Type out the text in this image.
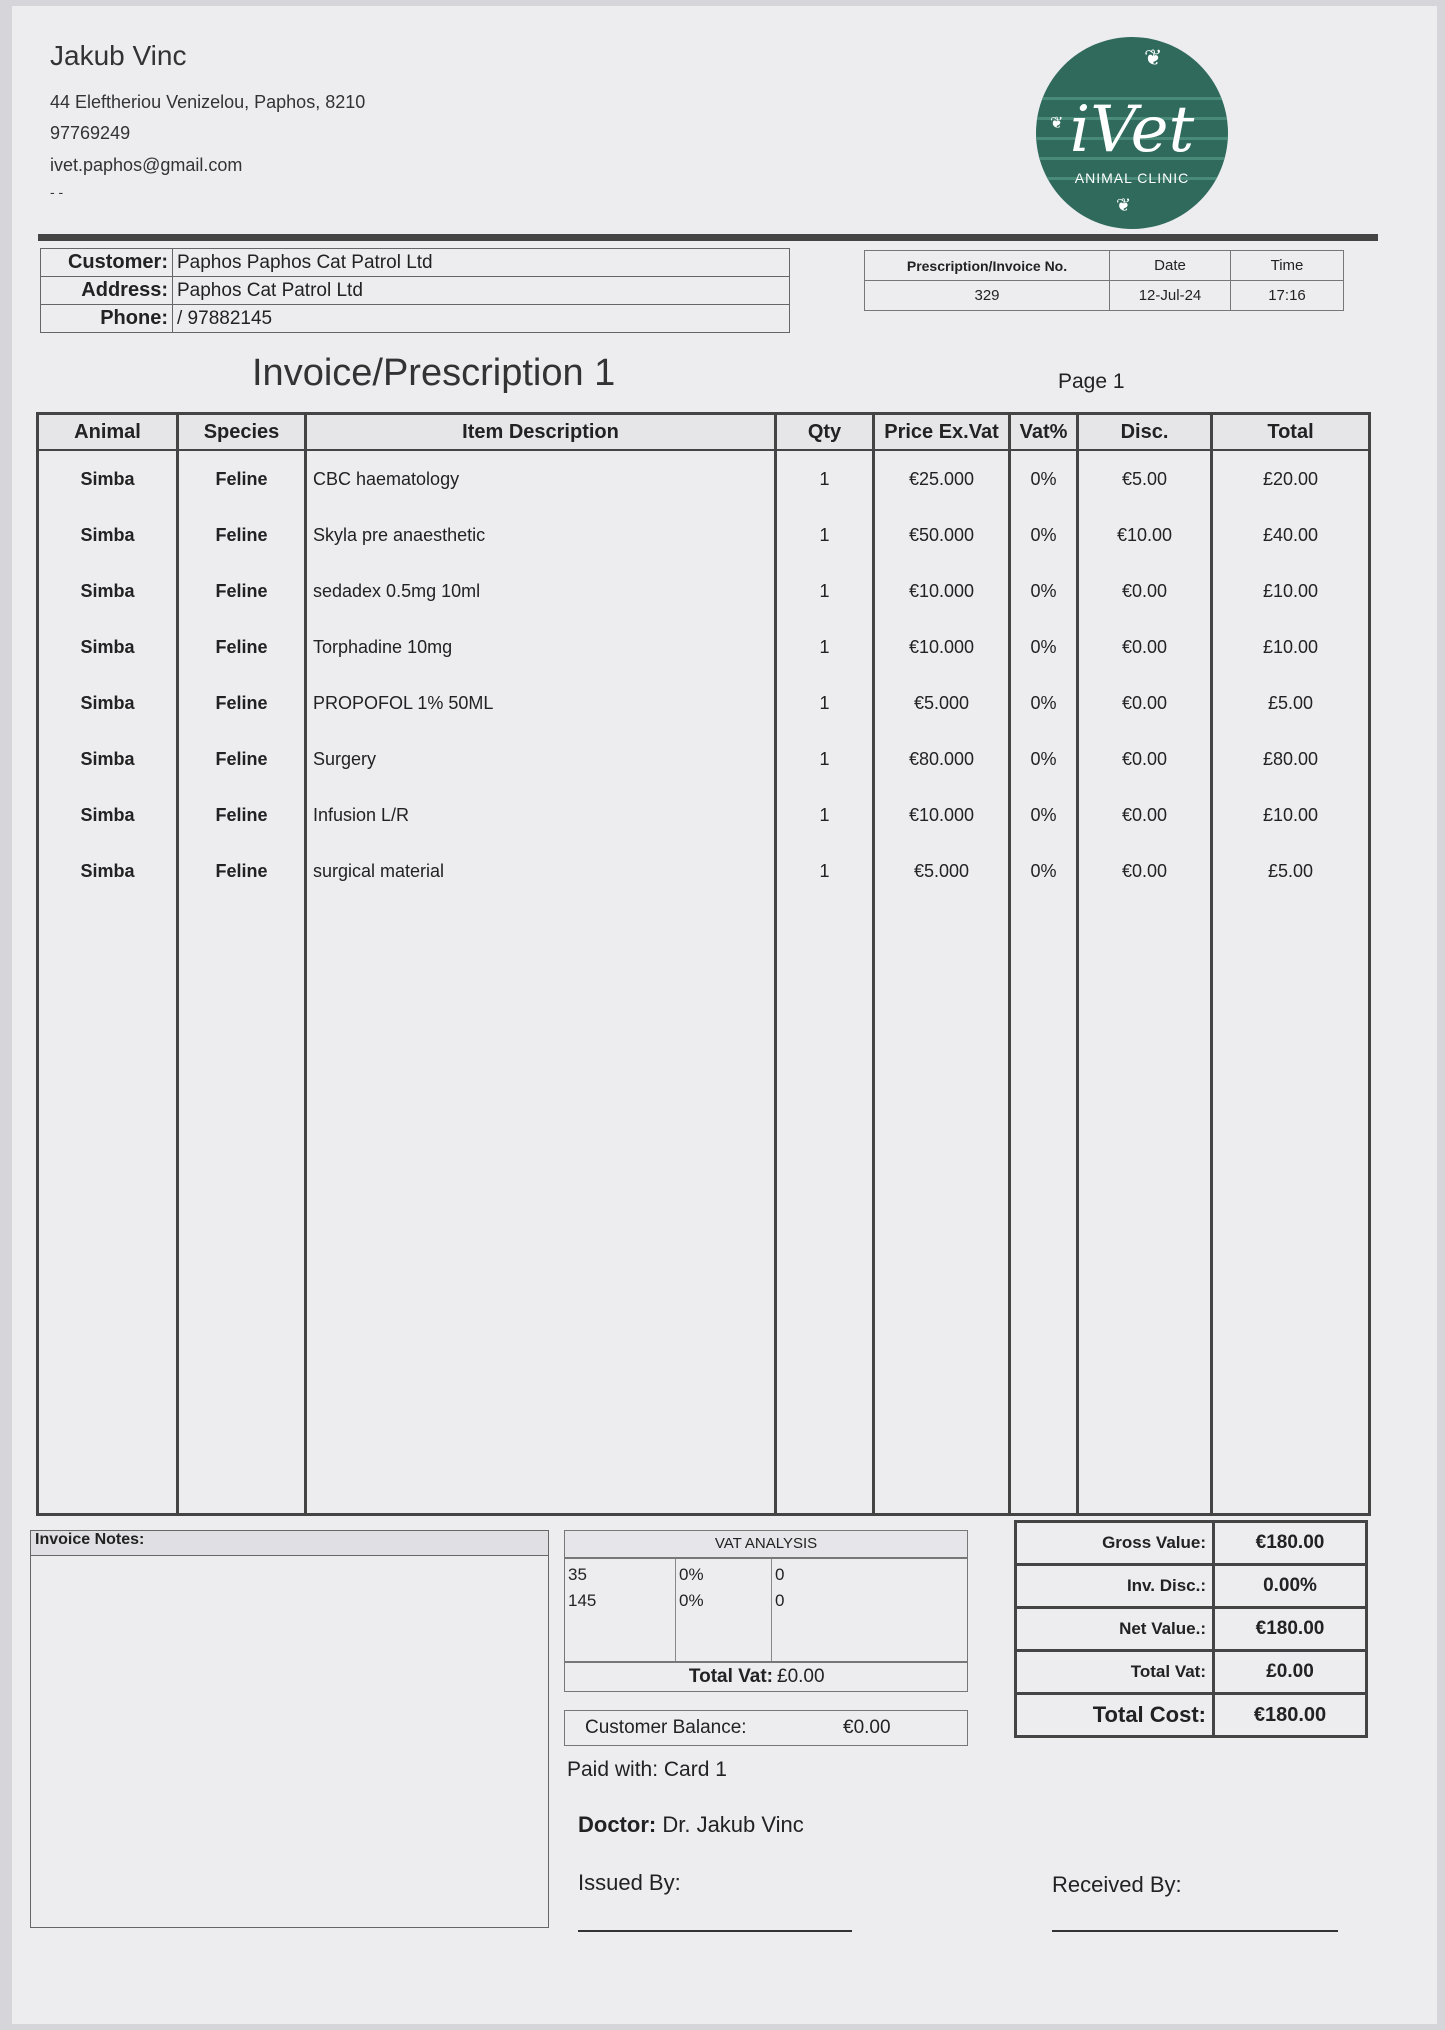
Jakub Vinc
44 Eleftheriou Venizelou, Paphos, 8210
97769249
ivet.paphos@gmail.com
- -
❦
❦
❦
iVet
ANIMAL CLINIC
Customer:	Paphos Paphos Cat Patrol Ltd
Address:	Paphos Cat Patrol Ltd
Phone:	/ 97882145
Prescription/Invoice No.	Date	Time
329	12-Jul-24	17:16
Invoice/Prescription 1	Page 1
Animal	Species	Item Description	Qty	Price Ex.Vat	Vat%	Disc.	Total
Simba	Feline	CBC haematology	1	€25.000	0%	€5.00	£20.00
Simba	Feline	Skyla pre anaesthetic	1	€50.000	0%	€10.00	£40.00
Simba	Feline	sedadex 0.5mg 10ml	1	€10.000	0%	€0.00	£10.00
Simba	Feline	Torphadine 10mg	1	€10.000	0%	€0.00	£10.00
Simba	Feline	PROPOFOL 1% 50ML	1	€5.000	0%	€0.00	£5.00
Simba	Feline	Surgery	1	€80.000	0%	€0.00	£80.00
Simba	Feline	Infusion L/R	1	€10.000	0%	€0.00	£10.00
Simba	Feline	surgical material	1	€5.000	0%	€0.00	£5.00

Invoice Notes:	VAT ANALYSIS
35	0%	0
145	0%	0
Total Vat: £0.00
Customer Balance:	€0.00
Paid with: Card 1
Doctor: Dr. Jakub Vinc
Issued By:	Received By:
Gross Value:	€180.00
Inv. Disc.:	0.00%
Net Value.:	€180.00
Total Vat:	£0.00
Total Cost:	€180.00
